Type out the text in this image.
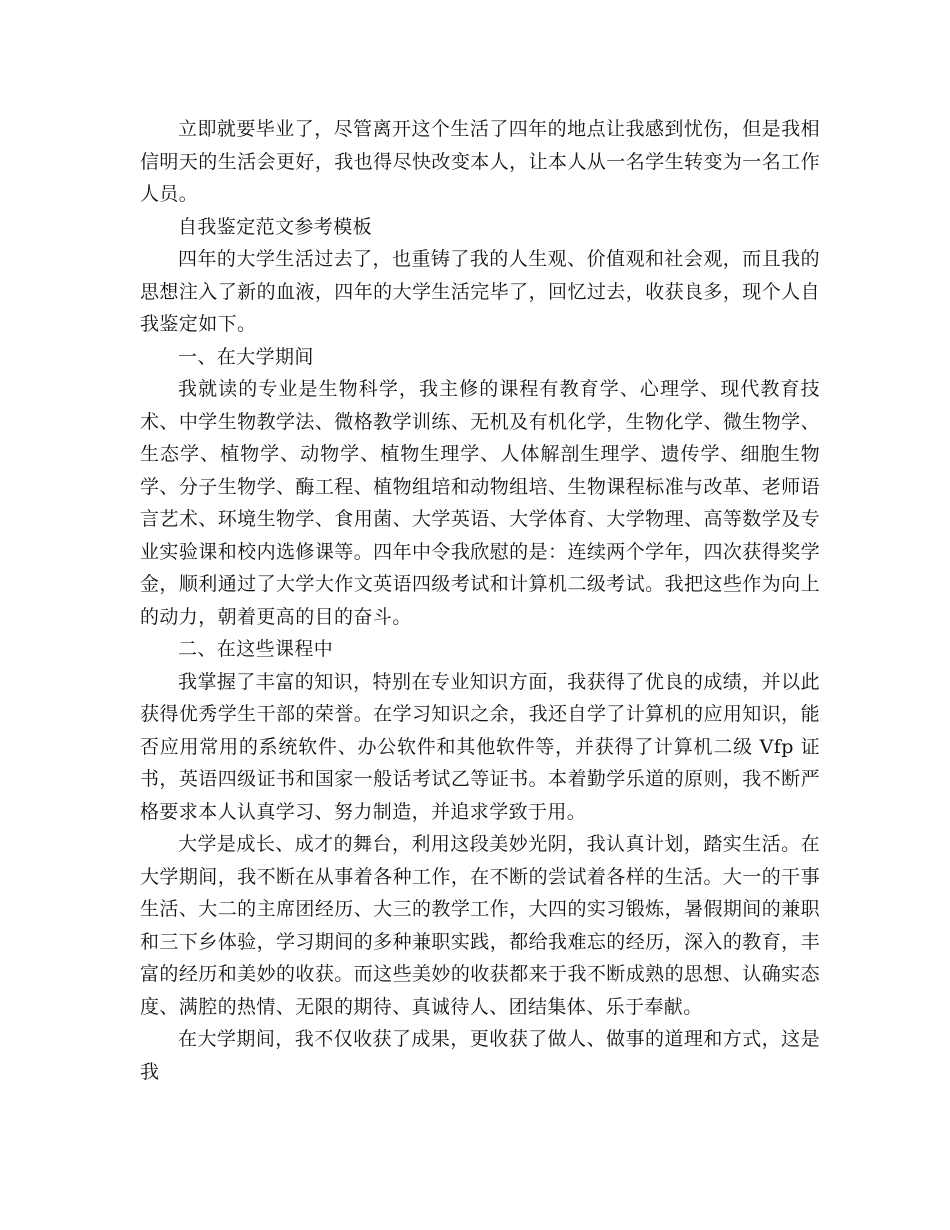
立即就要毕业了，尽管离开这个生活了四年的地点让我感到忧伤，但是我相信明天的生活会更好，我也得尽快改变本人，让本人从一名学生转变为一名工作人员。

自我鉴定范文参考模板

四年的大学生活过去了，也重铸了我的人生观、价值观和社会观，而且我的思想注入了新的血液，四年的大学生活完毕了，回忆过去，收获良多，现个人自我鉴定如下。

一、在大学期间

我就读的专业是生物科学，我主修的课程有教育学、心理学、现代教育技术、中学生物教学法、微格教学训练、无机及有机化学，生物化学、微生物学、生态学、植物学、动物学、植物生理学、人体解剖生理学、遗传学、细胞生物学、分子生物学、酶工程、植物组培和动物组培、生物课程标准与改革、老师语言艺术、环境生物学、食用菌、大学英语、大学体育、大学物理、高等数学及专业实验课和校内选修课等。四年中令我欣慰的是：连续两个学年，四次获得奖学金，顺利通过了大学大作文英语四级考试和计算机二级考试。我把这些作为向上的动力，朝着更高的目的奋斗。

二、在这些课程中

我掌握了丰富的知识，特别在专业知识方面，我获得了优良的成绩，并以此获得优秀学生干部的荣誉。在学习知识之余，我还自学了计算机的应用知识，能否应用常用的系统软件、办公软件和其他软件等，并获得了计算机二级 Vfp 证书，英语四级证书和国家一般话考试乙等证书。本着勤学乐道的原则，我不断严格要求本人认真学习、努力制造，并追求学致于用。

大学是成长、成才的舞台，利用这段美妙光阴，我认真计划，踏实生活。在大学期间，我不断在从事着各种工作，在不断的尝试着各样的生活。大一的干事生活、大二的主席团经历、大三的教学工作，大四的实习锻炼，暑假期间的兼职和三下乡体验，学习期间的多种兼职实践，都给我难忘的经历，深入的教育，丰富的经历和美妙的收获。而这些美妙的收获都来于我不断成熟的思想、认确实态度、满腔的热情、无限的期待、真诚待人、团结集体、乐于奉献。

在大学期间，我不仅收获了成果，更收获了做人、做事的道理和方式，这是我
